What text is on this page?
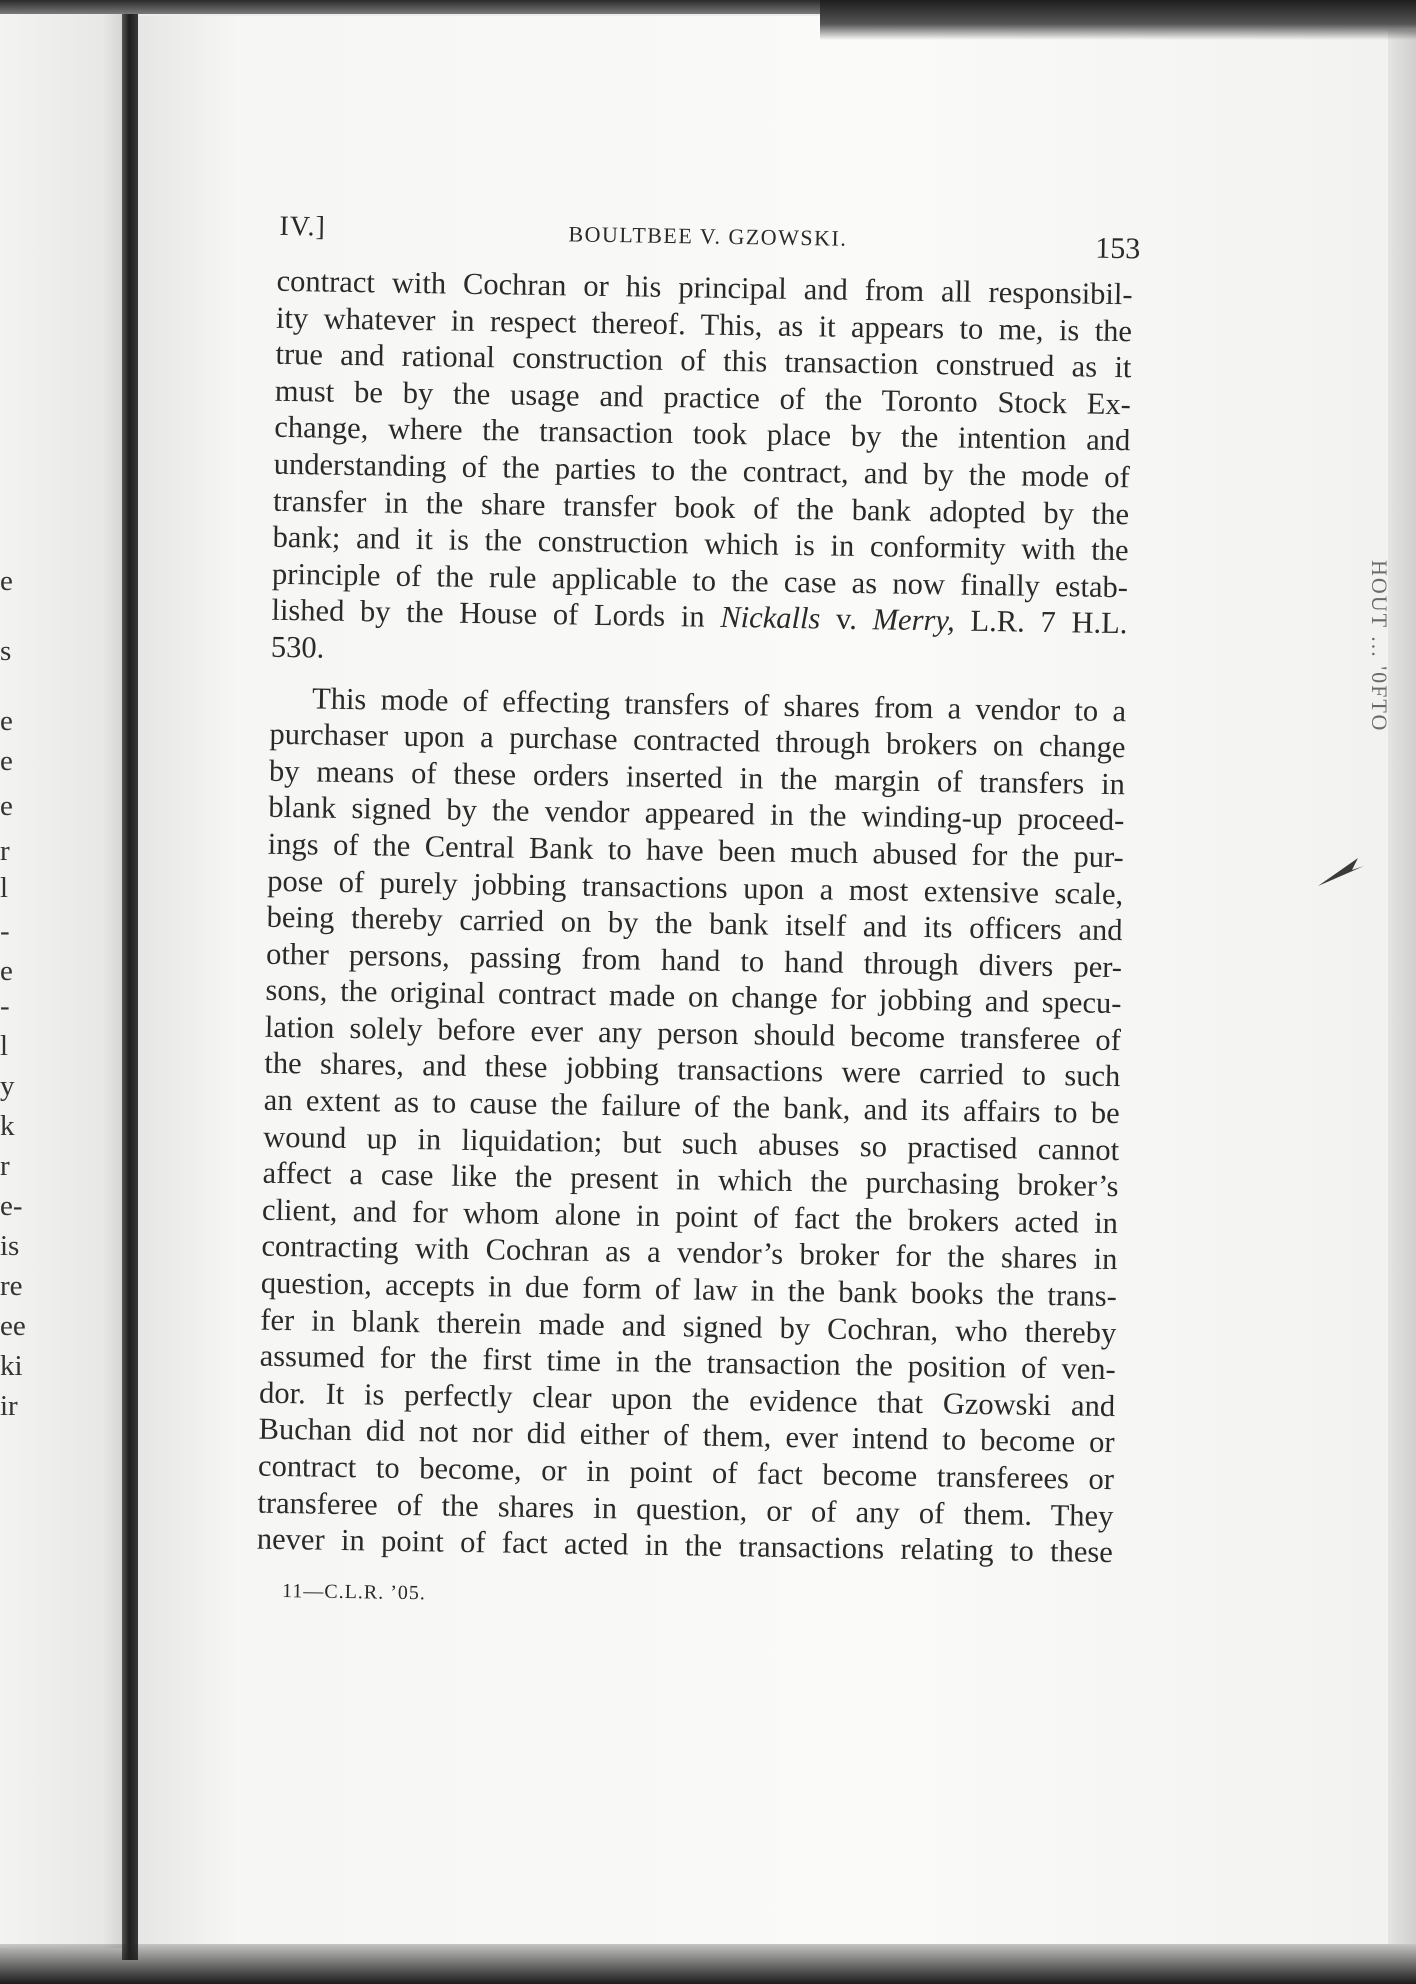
e
s
e
e
e
r
l
-
e
-
l
y
k
r
e-
is
re
ee
ki
ir
HOUT ... '0FTO
IV.]	BOULTBEE V. GZOWSKI.	153
contract with Cochran or his principal and from all responsibil-
ity whatever in respect thereof. This, as it appears to me, is the
true and rational construction of this transaction construed as it
must be by the usage and practice of the Toronto Stock Ex-
change, where the transaction took place by the intention and
understanding of the parties to the contract, and by the mode of
transfer in the share transfer book of the bank adopted by the
bank; and it is the construction which is in conformity with the
principle of the rule applicable to the case as now finally estab-
lished by the House of Lords in Nickalls v. Merry, L.R. 7 H.L.
530.
This mode of effecting transfers of shares from a vendor to a
purchaser upon a purchase contracted through brokers on change
by means of these orders inserted in the margin of transfers in
blank signed by the vendor appeared in the winding-up proceed-
ings of the Central Bank to have been much abused for the pur-
pose of purely jobbing transactions upon a most extensive scale,
being thereby carried on by the bank itself and its officers and
other persons, passing from hand to hand through divers per-
sons, the original contract made on change for jobbing and specu-
lation solely before ever any person should become transferee of
the shares, and these jobbing transactions were carried to such
an extent as to cause the failure of the bank, and its affairs to be
wound up in liquidation; but such abuses so practised cannot
affect a case like the present in which the purchasing broker’s
client, and for whom alone in point of fact the brokers acted in
contracting with Cochran as a vendor’s broker for the shares in
question, accepts in due form of law in the bank books the trans-
fer in blank therein made and signed by Cochran, who thereby
assumed for the first time in the transaction the position of ven-
dor. It is perfectly clear upon the evidence that Gzowski and
Buchan did not nor did either of them, ever intend to become or
contract to become, or in point of fact become transferees or
transferee of the shares in question, or of any of them. They
never in point of fact acted in the transactions relating to these
11—C.L.R. ’05.
